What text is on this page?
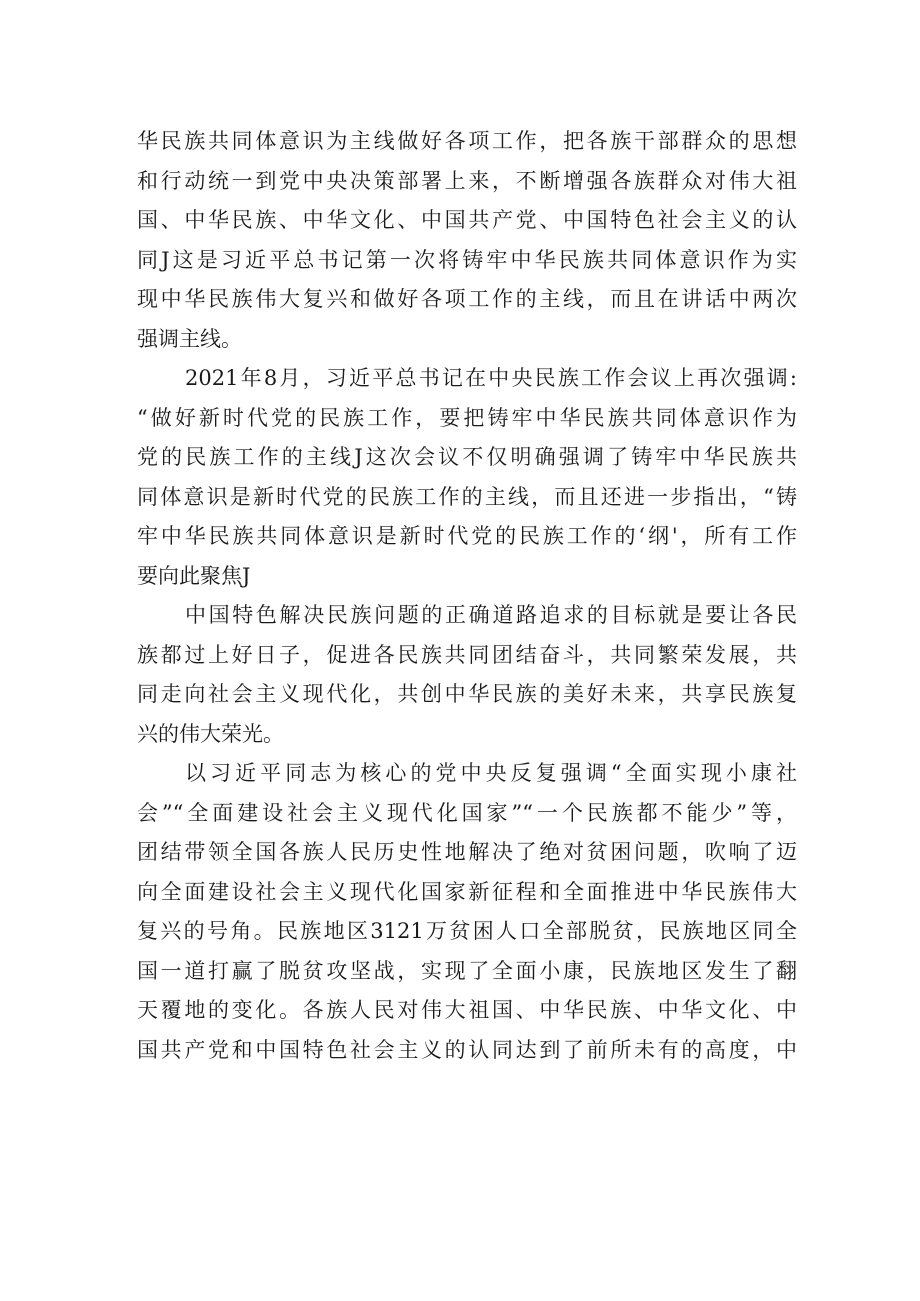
华民族共同体意识为主线做好各项工作，把各族干部群众的思想
和行动统一到党中央决策部署上来，不断增强各族群众对伟大祖
国、中华民族、中华文化、中国共产党、中国特色社会主义的认
同J这是习近平总书记第一次将铸牢中华民族共同体意识作为实
现中华民族伟大复兴和做好各项工作的主线，而且在讲话中两次
强调主线。
2021年8月，习近平总书记在中央民族工作会议上再次强调:
“做好新时代党的民族工作，要把铸牢中华民族共同体意识作为
党的民族工作的主线J这次会议不仅明确强调了铸牢中华民族共
同体意识是新时代党的民族工作的主线，而且还进一步指出，“铸
牢中华民族共同体意识是新时代党的民族工作的‘纲'，所有工作
要向此聚焦J
中国特色解决民族问题的正确道路追求的目标就是要让各民
族都过上好日子，促进各民族共同团结奋斗，共同繁荣发展，共
同走向社会主义现代化，共创中华民族的美好未来，共享民族复
兴的伟大荣光。
以习近平同志为核心的党中央反复强调“全面实现小康社
会”“全面建设社会主义现代化国家”“一个民族都不能少”等，
团结带领全国各族人民历史性地解决了绝对贫困问题，吹响了迈
向全面建设社会主义现代化国家新征程和全面推进中华民族伟大
复兴的号角。民族地区3121万贫困人口全部脱贫，民族地区同全
国一道打赢了脱贫攻坚战，实现了全面小康，民族地区发生了翻
天覆地的变化。各族人民对伟大祖国、中华民族、中华文化、中
国共产党和中国特色社会主义的认同达到了前所未有的高度，中
